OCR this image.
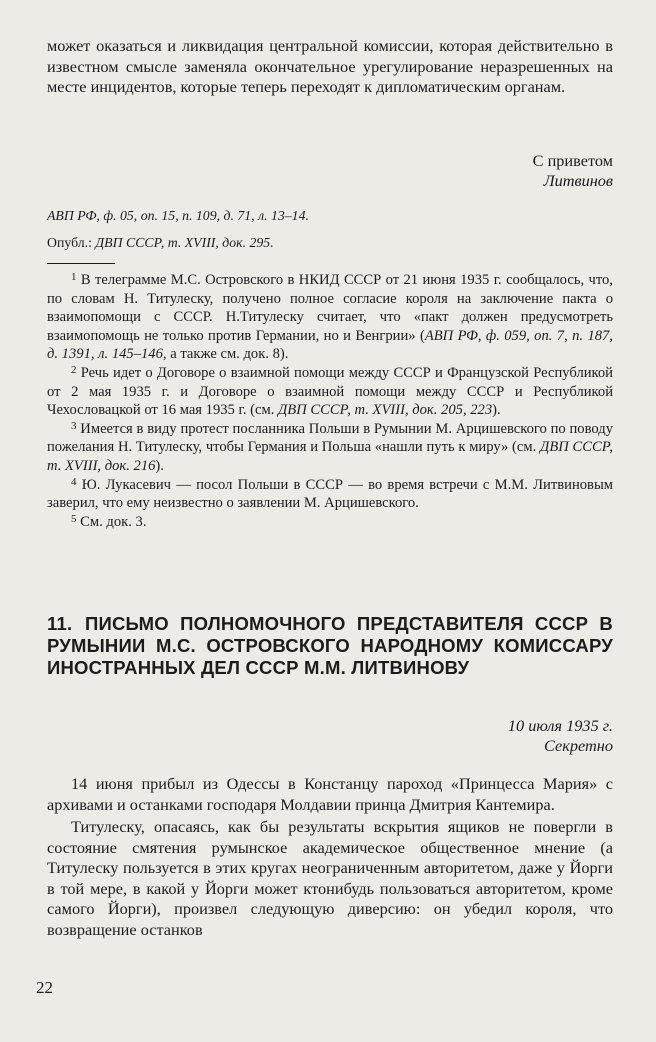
может оказаться и ликвидация центральной комиссии, которая действительно в известном смысле заменяла окончательное урегулирование неразрешенных на месте инцидентов, которые теперь переходят к дипломатическим органам.

С приветом

Литвинов

АВП РФ, ф. 05, оп. 15, п. 109, д. 71, л. 13–14.

Опубл.: ДВП СССР, т. XVIII, док. 295.

$^1$ В телеграмме М.С. Островского в НКИД СССР от 21 июня 1935 г. сообщалось, что, по словам Н. Титулеску, получено полное согласие короля на заключение пакта о взаимопомощи с СССР. Н.Титулеску считает, что «пакт должен предусмотреть взаимопомощь не только против Германии, но и Венгрии» (АВП РФ, ф. 059, оп. 7, п. 187, д. 1391, л. 145–146, а также см. док. 8).

$^2$ Речь идет о Договоре о взаимной помощи между СССР и Французской Республикой от 2 мая 1935 г. и Договоре о взаимной помощи между СССР и Республикой Чехословацкой от 16 мая 1935 г. (см. ДВП СССР, т. XVIII, док. 205, 223).

$^3$ Имеется в виду протест посланника Польши в Румынии М. Арцишевского по поводу пожелания Н. Титулеску, чтобы Германия и Польша «нашли путь к миру» (см. ДВП СССР, т. XVIII, док. 216).

$^4$ Ю. Лукасевич — посол Польши в СССР — во время встречи с М.М. Литвиновым заверил, что ему неизвестно о заявлении М. Арцишевского.

$^5$ См. док. 3.

11. ПИСЬМО ПОЛНОМОЧНОГО ПРЕДСТАВИТЕЛЯ СССР В РУМЫНИИ М.С. ОСТРОВСКОГО НАРОДНОМУ КОМИССАРУ ИНОСТРАННЫХ ДЕЛ СССР М.М. ЛИТВИНОВУ

10 июля 1935 г.

Секретно

14 июня прибыл из Одессы в Констанцу пароход «Принцесса Мария» с архивами и останками господаря Молдавии принца Дмитрия Кантемира.

Титулеску, опасаясь, как бы результаты вскрытия ящиков не повергли в состояние смятения румынское академическое общественное мнение (а Титулеску пользуется в этих кругах неограниченным авторитетом, даже у Йорги в той мере, в какой у Йорги может ктонибудь пользоваться авторитетом, кроме самого Йорги), произвел следующую диверсию: он убедил короля, что возвращение останков

22
